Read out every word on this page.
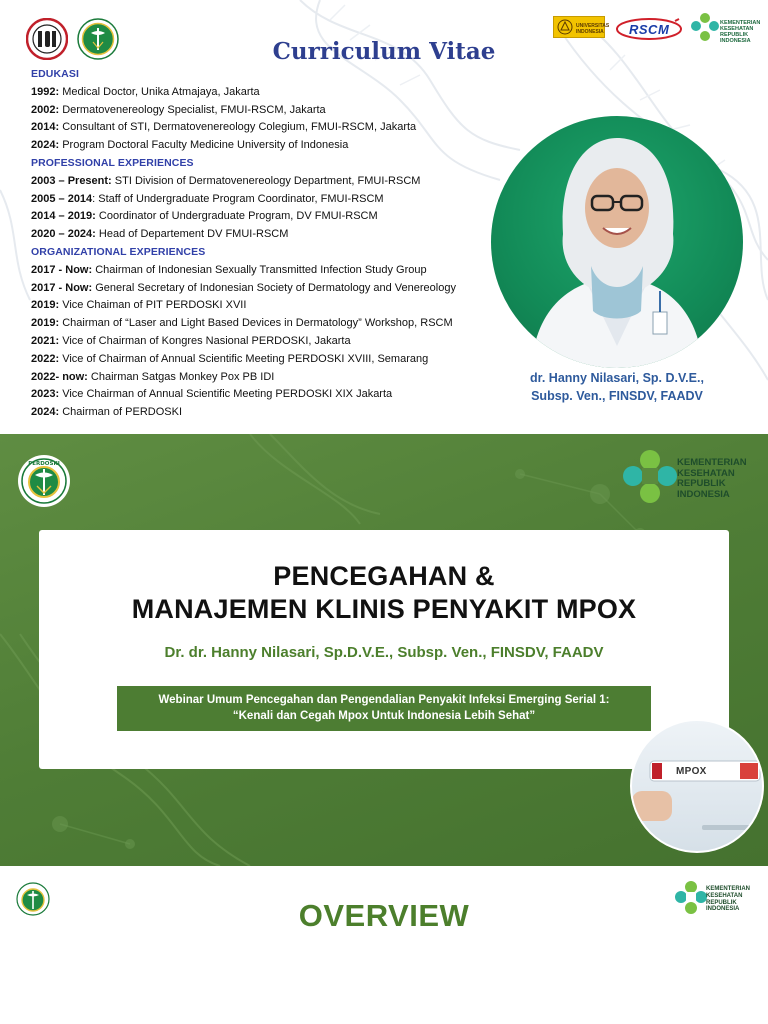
Curriculum Vitae
UNIVERSITAS INDONESIA	RSCM	KEMENTERIAN
KESEHATAN
REPUBLIK
INDONESIA
EDUKASI
1992: Medical Doctor, Unika Atmajaya, Jakarta
2002: Dermatovenereology Specialist, FMUI-RSCM, Jakarta
2014: Consultant of STI, Dermatovenereology Colegium, FMUI-RSCM, Jakarta
2024: Program Doctoral Faculty Medicine University of Indonesia
PROFESSIONAL EXPERIENCES
2003 – Present: STI Division of Dermatovenereology Department, FMUI-RSCM
2005 – 2014: Staff of Undergraduate Program Coordinator, FMUI-RSCM
2014 – 2019: Coordinator of Undergraduate Program, DV FMUI-RSCM
2020 – 2024: Head of Departement DV FMUI-RSCM
ORGANIZATIONAL EXPERIENCES
2017 - Now: Chairman of Indonesian Sexually Transmitted Infection Study Group
2017 - Now: General Secretary of Indonesian Society of Dermatology and Venereology
2019: Vice Chaiman of PIT PERDOSKI XVII
2019: Chairman of “Laser and Light Based Devices in Dermatology” Workshop, RSCM
2021: Vice of Chairman of Kongres Nasional PERDOSKI, Jakarta
2022: Vice of Chairman of Annual Scientific Meeting PERDOSKI XVIII, Semarang
2022- now: Chairman Satgas Monkey Pox PB IDI
2023: Vice Chairman of Annual Scientific Meeting PERDOSKI XIX Jakarta
2024: Chairman of PERDOSKI
dr. Hanny Nilasari, Sp. D.V.E.,
Subsp. Ven., FINSDV, FAADV
PERDOSKI	KEMENTERIAN
KESEHATAN
REPUBLIK
INDONESIA
PENCEGAHAN &
MANAJEMEN KLINIS PENYAKIT MPOX
Dr. dr. Hanny Nilasari, Sp.D.V.E., Subsp. Ven., FINSDV, FAADV
Webinar Umum Pencegahan dan Pengendalian Penyakit Infeksi Emerging Serial 1:
“Kenali dan Cegah Mpox Untuk Indonesia Lebih Sehat”
MPOX
KEMENTERIAN
KESEHATAN
REPUBLIK
INDONESIA
OVERVIEW
